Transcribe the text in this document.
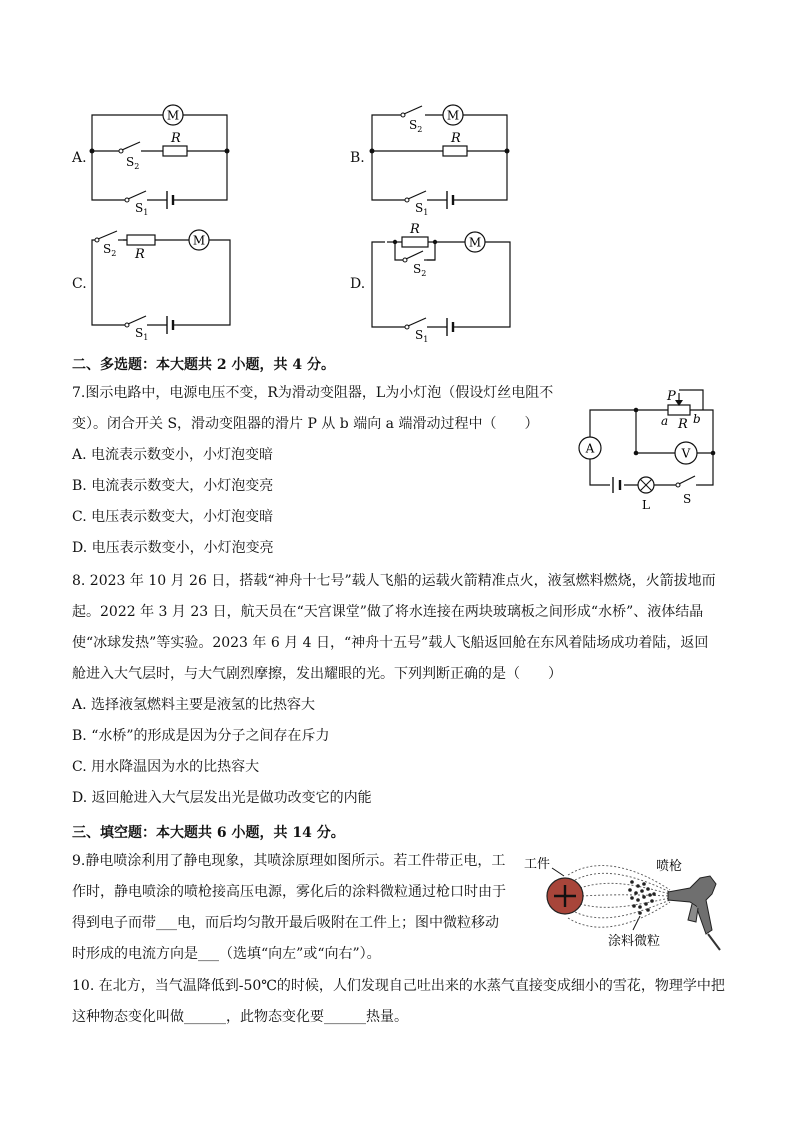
A.
M
$S_2$
R
$S_1$
B.
$S_2$
M
R
$S_1$
C.
$S_2$ R
M
$S_1$
D.
R
$S_2$
M
$S_1$
二、多选题：本大题共 2 小题，共 4 分。
7.图示电路中，电源电压不变，R为滑动变阻器，L为小灯泡（假设灯丝电阻不
变）。闭合开关 S，滑动变阻器的滑片 P 从 b 端向 a 端滑动过程中（　　）
A. 电流表示数变小，小灯泡变暗
B. 电流表示数变大，小灯泡变亮
C. 电压表示数变大，小灯泡变暗
D. 电压表示数变小，小灯泡变亮
P
a R b
A	V
L	S
8. 2023 年 10 月 26 日，搭载“神舟十七号”载人飞船的运载火箭精准点火，液氢燃料燃烧，火箭拔地而
起。2022 年 3 月 23 日，航天员在“天宫课堂”做了将水连接在两块玻璃板之间形成“水桥”、液体结晶
使“冰球发热”等实验。2023 年 6 月 4 日，“神舟十五号”载人飞船返回舱在东风着陆场成功着陆，返回
舱进入大气层时，与大气剧烈摩擦，发出耀眼的光。下列判断正确的是（　　）
A. 选择液氢燃料主要是液氢的比热容大
B. “水桥”的形成是因为分子之间存在斥力
C. 用水降温因为水的比热容大
D. 返回舱进入大气层发出光是做功改变它的内能
三、填空题：本大题共 6 小题，共 14 分。
9.静电喷涂利用了静电现象，其喷涂原理如图所示。若工件带正电，工
作时，静电喷涂的喷枪接高压电源，雾化后的涂料微粒通过枪口时由于
得到电子而带___电，而后均匀散开最后吸附在工件上；图中微粒移动
时形成的电流方向是___（选填“向左”或“向右”）。
工件	喷枪
涂料微粒
10. 在北方，当气温降低到-50℃的时候，人们发现自己吐出来的水蒸气直接变成细小的雪花，物理学中把
这种物态变化叫做______，此物态变化要______热量。
